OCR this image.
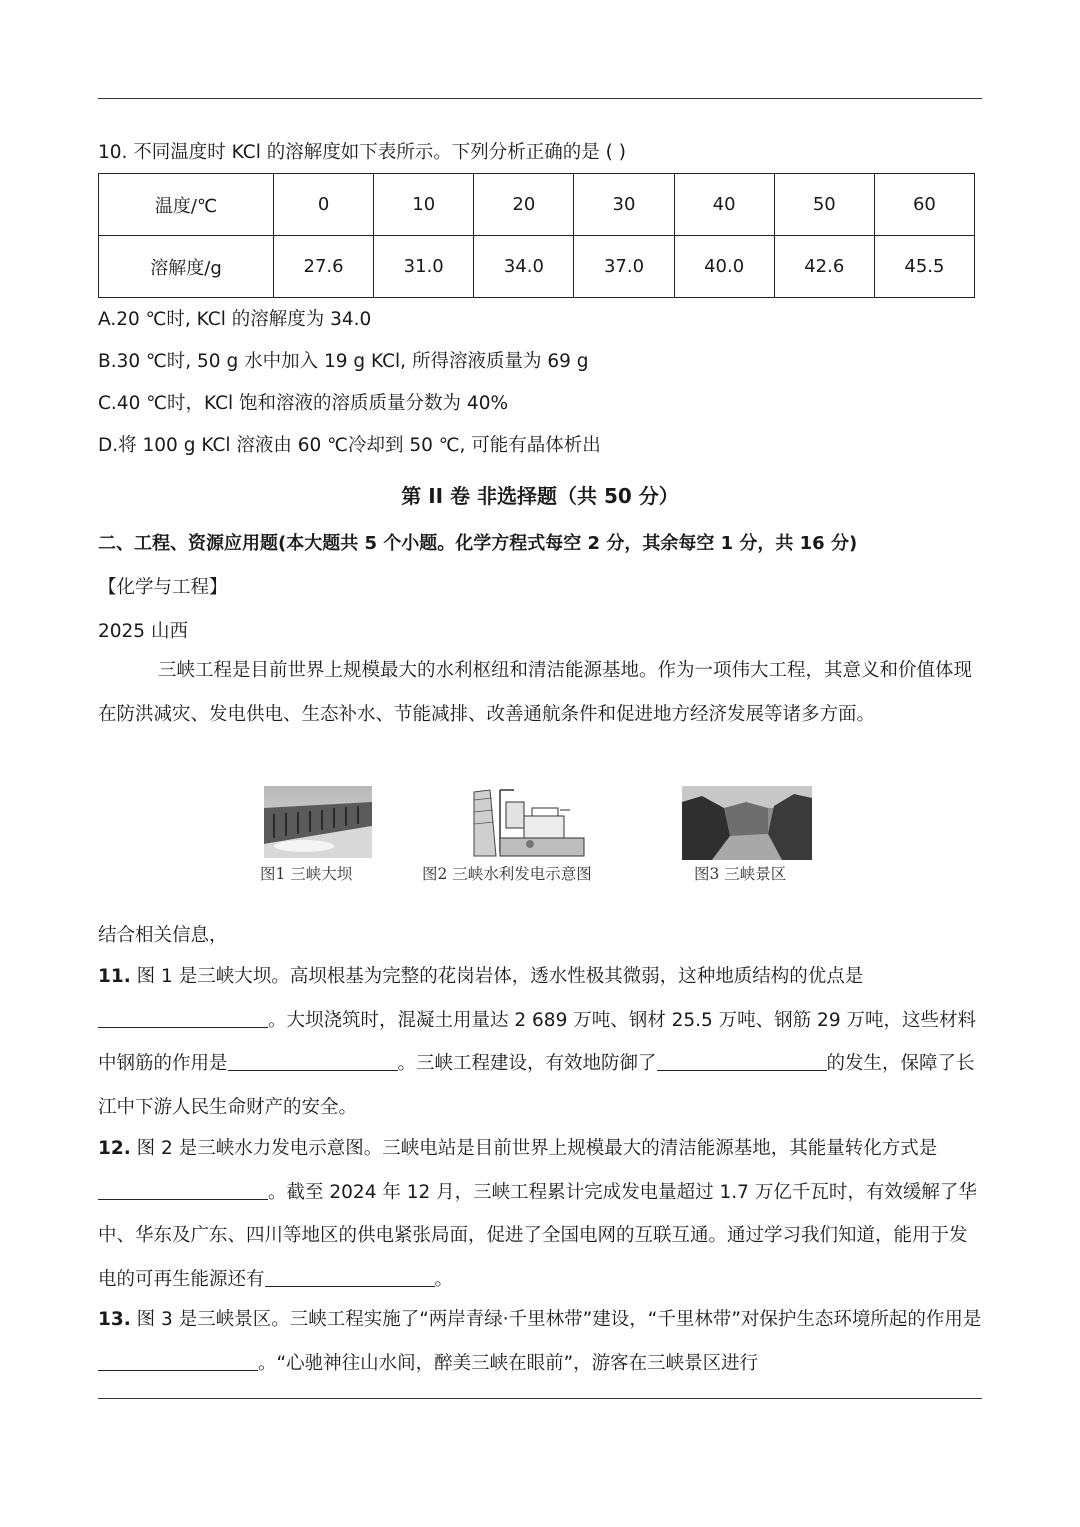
10. 不同温度时 KCl 的溶解度如下表所示。下列分析正确的是 ( )
温度/℃	0	10	20	30	40	50	60
溶解度/g	27.6	31.0	34.0	37.0	40.0	42.6	45.5
A.20 ℃时, KCl 的溶解度为 34.0
B.30 ℃时, 50 g 水中加入 19 g KCl, 所得溶液质量为 69 g
C.40 ℃时，KCl 饱和溶液的溶质质量分数为 40%
D.将 100 g KCl 溶液由 60 ℃冷却到 50 ℃, 可能有晶体析出
第 II 卷 非选择题（共 50 分）
二、工程、资源应用题(本大题共 5 个小题。化学方程式每空 2 分，其余每空 1 分，共 16 分)
【化学与工程】
2025 山西
三峡工程是目前世界上规模最大的水利枢纽和清洁能源基地。作为一项伟大工程，其意义和价值体现在防洪减灾、发电供电、生态补水、节能减排、改善通航条件和促进地方经济发展等诸多方面。
图1 三峡大坝	图2 三峡水利发电示意图	图3 三峡景区
结合相关信息，
11. 图 1 是三峡大坝。高坝根基为完整的花岗岩体，透水性极其微弱，这种地质结构的优点是。大坝浇筑时，混凝土用量达 2 689 万吨、钢材 25.5 万吨、钢筋 29 万吨，这些材料中钢筋的作用是	。三峡工程建设，有效地防御了	的发生，保障了长江中下游人民生命财产的安全。
12. 图 2 是三峡水力发电示意图。三峡电站是目前世界上规模最大的清洁能源基地，其能量转化方式是。截至 2024 年 12 月，三峡工程累计完成发电量超过 1.7 万亿千瓦时，有效缓解了华中、华东及广东、四川等地区的供电紧张局面，促进了全国电网的互联互通。通过学习我们知道，能用于发电的可再生能源还有	。
13. 图 3 是三峡景区。三峡工程实施了“两岸青绿·千里林带”建设，“千里林带”对保护生态环境所起的作用是。“心驰神往山水间，醉美三峡在眼前”，游客在三峡景区进行
